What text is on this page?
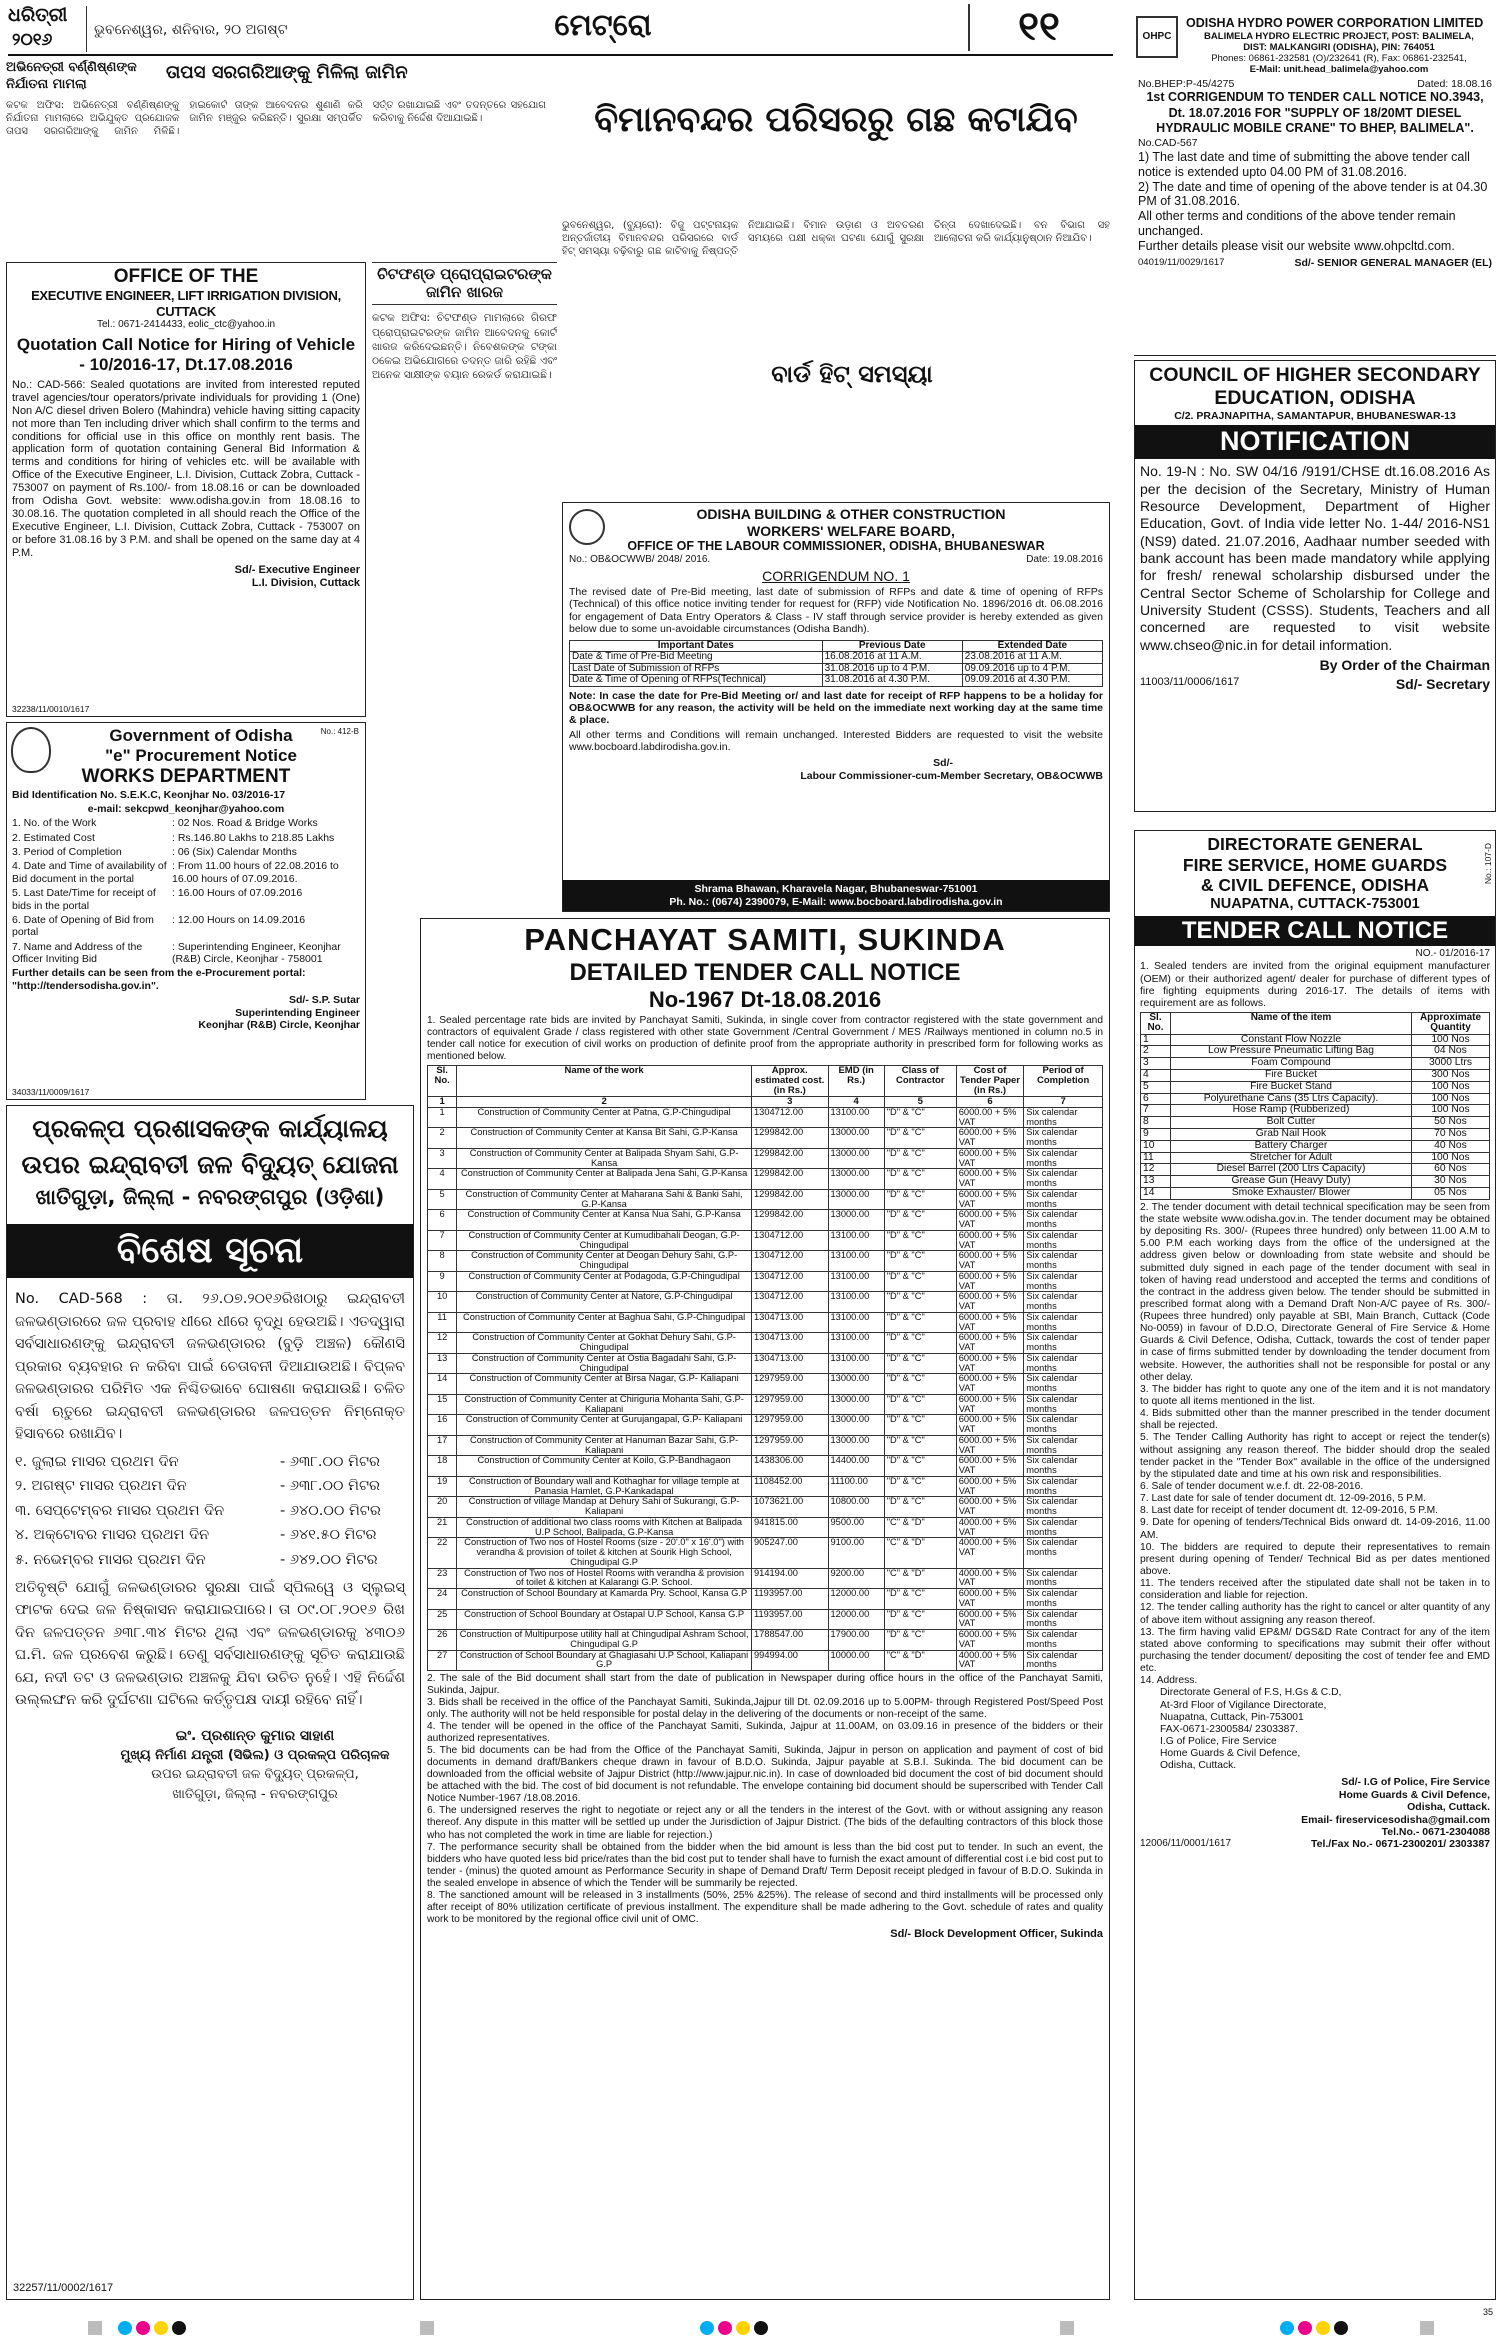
ଧରିତ୍ରୀ
୨୦୧୬	ଭୁବନେଶ୍ୱର, ଶନିବାର, ୨୦ ଅଗଷ୍ଟ	ମେଟ୍ରୋ	୧୧
ଅଭିନେତ୍ରୀ ବର୍ଣ୍ଣିଷ୍ଣଙ୍କ
ନିର୍ଯାତନା ମାମଲା
ତାପସ ସରଗରିଆଙ୍କୁ ମିଳିଲା ଜାମିନ
କଟକ ଅଫିସ: ଅଭିନେତ୍ରୀ ବର୍ଣ୍ଣିଷ୍ଣଙ୍କୁ ନିର୍ଯାତନା ମାମଲାରେ ଅଭିଯୁକ୍ତ ପ୍ରଯୋଜକ ତାପସ ସରଗରିଆଙ୍କୁ ଜାମିନ ମିଳିଛି। ହାଇକୋର୍ଟ ତାଙ୍କ ଆବେଦନର ଶୁଣାଣି କରି ଜାମିନ ମଞ୍ଜୁର କରିଛନ୍ତି। ସୁରକ୍ଷା ସମ୍ପର୍କିତ ସର୍ତ୍ତ ରଖାଯାଇଛି ଏବଂ ତଦନ୍ତରେ ସହଯୋଗ କରିବାକୁ ନିର୍ଦ୍ଦେଶ ଦିଆଯାଇଛି।
OFFICE OF THE
EXECUTIVE ENGINEER, LIFT IRRIGATION DIVISION, CUTTACK
Tel.: 0671-2414433, eolic_ctc@yahoo.in
Quotation Call Notice for Hiring of Vehicle - 10/2016-17, Dt.17.08.2016
No.: CAD-566: Sealed quotations are invited from interested reputed travel agencies/tour operators/private individuals for providing 1 (One) Non A/C diesel driven Bolero (Mahindra) vehicle having sitting capacity not more than Ten including driver which shall confirm to the terms and conditions for official use in this office on monthly rent basis. The application form of quotation containing General Bid Information & terms and conditions for hiring of vehicles etc. will be available with Office of the Executive Engineer, L.I. Division, Cuttack Zobra, Cuttack - 753007 on payment of Rs.100/- from 18.08.16 or can be downloaded from Odisha Govt. website: www.odisha.gov.in from 18.08.16 to 30.08.16. The quotation completed in all should reach the Office of the Executive Engineer, L.I. Division, Cuttack Zobra, Cuttack - 753007 on or before 31.08.16 by 3 P.M. and shall be opened on the same day at 4 P.M.
Sd/- Executive Engineer
L.I. Division, Cuttack
32238/11/0010/1617
Government of Odisha	No.: 412-B
"e" Procurement Notice
WORKS DEPARTMENT
Bid Identification No. S.E.K.C, Keonjhar No. 03/2016-17
e-mail: sekcpwd_keonjhar@yahoo.com
1. No. of the Work	: 02 Nos. Road & Bridge Works
2. Estimated Cost	: Rs.146.80 Lakhs to 218.85 Lakhs
3. Period of Completion	: 06 (Six) Calendar Months
4. Date and Time of availability of Bid document in the portal
: From 11.00 hours of 22.08.2016 to 16.00 hours of 07.09.2016.
5. Last Date/Time for receipt of bids in the portal
: 16.00 Hours of 07.09.2016
6. Date of Opening of Bid from portal
: 12.00 Hours on 14.09.2016
7. Name and Address of the Officer Inviting Bid
: Superintending Engineer, Keonjhar (R&B) Circle, Keonjhar - 758001
Further details can be seen from the e-Procurement portal: "http://tendersodisha.gov.in".
Sd/- S.P. Sutar
Superintending Engineer
Keonjhar (R&B) Circle, Keonjhar
34033/11/0009/1617
ପ୍ରକଳ୍ପ ପ୍ରଶାସକଙ୍କ କାର୍ଯ୍ୟାଳୟ
ଉପର ଇନ୍ଦ୍ରାବତୀ ଜଳ ବିଦ୍ୟୁତ୍ ଯୋଜନା
ଖାତିଗୁଡ଼ା, ଜିଲ୍ଲା - ନବରଙ୍ଗପୁର (ଓଡ଼ିଶା)
ବିଶେଷ ସୂଚନା
No. CAD-568 : ତା. ୨୬.୦୭.୨୦୧୬ରିଖଠାରୁ ଇନ୍ଦ୍ରାବତୀ ଜଳଭଣ୍ଡାରରେ ଜଳ ପ୍ରବାହ ଧୀରେ ଧୀରେ ବୃଦ୍ଧି ହେଉଅଛି। ଏତଦ୍ୱାରା ସର୍ବସାଧାରଣଙ୍କୁ ଇନ୍ଦ୍ରାବତୀ ଜଳଭଣ୍ଡାରର (ବୁଡ଼ି ଅଞ୍ଚଳ) କୌଣସି ପ୍ରକାର ବ୍ୟବହାର ନ କରିବା ପାଇଁ ଚେତାବନୀ ଦିଆଯାଉଅଛି। ବିପ୍ଳବ ଜଳଭଣ୍ଡାରର ପରିମିତ ଏକ ନିଶ୍ଚିତଭାବେ ଘୋଷଣା କରାଯାଉଛି। ଚଳିତ ବର୍ଷା ଋତୁରେ ଇନ୍ଦ୍ରାବତୀ ଜଳଭଣ୍ଡାରର ଜଳପତ୍ତନ ନିମ୍ନୋକ୍ତ ହିସାବରେ ରଖାଯିବ।
୧. ଜୁଲାଇ ମାସର ପ୍ରଥମ ଦିନ	- ୬୩୮.୦୦ ମିଟର
୨. ଅଗଷ୍ଟ ମାସର ପ୍ରଥମ ଦିନ	- ୬୩୮.୦୦ ମିଟର
୩. ସେପ୍ଟେମ୍ବର ମାସର ପ୍ରଥମ ଦିନ	- ୬୪୦.୦୦ ମିଟର
୪. ଅକ୍ଟୋବର ମାସର ପ୍ରଥମ ଦିନ	- ୬୪୧.୫୦ ମିଟର
୫. ନଭେମ୍ବର ମାସର ପ୍ରଥମ ଦିନ	- ୬୪୨.୦୦ ମିଟର
ଅତିବୃଷ୍ଟି ଯୋଗୁଁ ଜଳଭଣ୍ଡାରର ସୁରକ୍ଷା ପାଇଁ ସ୍ପିଲୱେ ଓ ସ୍ଲୁଇସ୍ ଫାଟକ ଦେଇ ଜଳ ନିଷ୍କାସନ କରାଯାଇପାରେ। ତା ୦୯.୦୮.୨୦୧୬ ରିଖ ଦିନ ଜଳପତ୍ତନ ୬୩୮.୩୪ ମିଟର ଥିଲା ଏବଂ ଜଳଭଣ୍ଡାରକୁ ୪୩୦୬ ଘ.ମି. ଜଳ ପ୍ରବେଶ କରୁଛି। ତେଣୁ ସର୍ବସାଧାରଣଙ୍କୁ ସୂଚିତ କରାଯାଉଛି ଯେ, ନଦୀ ତଟ ଓ ଜଳଭଣ୍ଡାର ଅଞ୍ଚଳକୁ ଯିବା ଉଚିତ ନୁହେଁ। ଏହି ନିର୍ଦ୍ଦେଶ ଉଲ୍ଲଙ୍ଘନ କରି ଦୁର୍ଘଟଣା ଘଟିଲେ କର୍ତ୍ତୃପକ୍ଷ ଦାୟୀ ରହିବେ ନାହିଁ।
ଇଂ. ପ୍ରଶାନ୍ତ କୁମାର ସାହାଣ
ମୁଖ୍ୟ ନିର୍ମାଣ ଯନ୍ତ୍ରୀ (ସିଭିଲ) ଓ ପ୍ରକଳ୍ପ ପରିଚାଳକ
ଉପର ଇନ୍ଦ୍ରାବତୀ ଜଳ ବିଦ୍ୟୁତ୍ ପ୍ରକଳ୍ପ,
ଖାତିଗୁଡ଼ା, ଜିଲ୍ଲା - ନବରଙ୍ଗପୁର
32257/11/0002/1617
ଚିଟଫଣ୍ଡ ପ୍ରୋପ୍ରାଇଟରଙ୍କ ଜାମିନ ଖାରଜ
କଟକ ଅଫିସ: ଚିଟଫଣ୍ଡ ମାମଲାରେ ଗିରଫ ପ୍ରୋପ୍ରାଇଟରଙ୍କ ଜାମିନ ଆବେଦନକୁ କୋର୍ଟ ଖାରଜ କରିଦେଇଛନ୍ତି। ନିବେଶକଙ୍କ ଟଙ୍କା ଠକେଇ ଅଭିଯୋଗରେ ତଦନ୍ତ ଜାରି ରହିଛି ଏବଂ ଅନେକ ସାକ୍ଷୀଙ୍କ ବୟାନ ରେକର୍ଡ କରାଯାଇଛି।
ବିମାନବନ୍ଦର ପରିସରରୁ ଗଛ କଟାଯିବ
ବାର୍ଡ ହିଟ୍ ସମସ୍ୟା
ଭୁବନେଶ୍ୱର, (ବ୍ୟୁରୋ): ବିଜୁ ପଟ୍ଟନାୟକ ଅନ୍ତର୍ଜାତୀୟ ବିମାନବନ୍ଦର ପରିସରରେ ବାର୍ଡ ହିଟ୍ ସମସ୍ୟା ବଢ଼ିବାରୁ ଗଛ କାଟିବାକୁ ନିଷ୍ପତ୍ତି ନିଆଯାଇଛି। ବିମାନ ଉଡ଼ାଣ ଓ ଅବତରଣ ସମୟରେ ପକ୍ଷୀ ଧକ୍କା ଘଟଣା ଯୋଗୁଁ ସୁରକ୍ଷା ଚିନ୍ତା ଦେଖାଦେଇଛି। ବନ ବିଭାଗ ସହ ଆଲୋଚନା କରି କାର୍ଯ୍ୟାନୁଷ୍ଠାନ ନିଆଯିବ।
ODISHA BUILDING & OTHER CONSTRUCTION
WORKERS' WELFARE BOARD,
OFFICE OF THE LABOUR COMMISSIONER, ODISHA, BHUBANESWAR
No.: OB&OCWWB/ 2048/ 2016.	Date: 19.08.2016
CORRIGENDUM NO. 1
The revised date of Pre-Bid meeting, last date of submission of RFPs and date & time of opening of RFPs (Technical) of this office notice inviting tender for request for (RFP) vide Notification No. 1896/2016 dt. 06.08.2016 for engagement of Data Entry Operators & Class - IV staff through service provider is hereby extended as given below due to some un-avoidable circumstances (Odisha Bandh).
Important Dates	Previous Date	Extended Date
Date & Time of Pre-Bid Meeting	16.08.2016 at 11 A.M.	23.08.2016 at 11 A.M.
Last Date of Submission of RFPs	31.08.2016 up to 4 P.M.	09.09.2016 up to 4 P.M.
Date & Time of Opening of RFPs(Technical)	31.08.2016 at 4.30 P.M.	09.09.2016 at 4.30 P.M.
Note: In case the date for Pre-Bid Meeting or/ and last date for receipt of RFP happens to be a holiday for OB&OCWWB for any reason, the activity will be held on the immediate next working day at the same time & place.
All other terms and Conditions will remain unchanged. Interested Bidders are requested to visit the website www.bocboard.labdirodisha.gov.in.
Sd/-
Labour Commissioner-cum-Member Secretary, OB&OCWWB
Shrama Bhawan, Kharavela Nagar, Bhubaneswar-751001
Ph. No.: (0674) 2390079, E-Mail: www.bocboard.labdirodisha.gov.in
PANCHAYAT SAMITI, SUKINDA
DETAILED TENDER CALL NOTICE
No-1967 Dt-18.08.2016
1. Sealed percentage rate bids are invited by Panchayat Samiti, Sukinda, in single cover from contractor registered with the state government and contractors of equivalent Grade / class registered with other state Government /Central Government / MES /Railways mentioned in column no.5 in tender call notice for execution of civil works on production of definite proof from the appropriate authority in prescribed form for following works as mentioned below.
Sl. No.	Name of the work	Approx. estimated cost. (in Rs.)	EMD (in Rs.)	Class of Contractor	Cost of Tender Paper (in Rs.)	Period of Completion
1	2	3	4	5	6	7
1	Construction of Community Center at Patna, G.P-Chingudipal	1304712.00	13100.00	"D" & "C"	6000.00 + 5% VAT	Six calendar months
2	Construction of Community Center at Kansa Bit Sahi, G.P-Kansa	1299842.00	13000.00	"D" & "C"	6000.00 + 5% VAT	Six calendar months
3	Construction of Community Center at Balipada Shyam Sahi, G.P-Kansa	1299842.00	13000.00	"D" & "C"	6000.00 + 5% VAT	Six calendar months
4	Construction of Community Center at Balipada Jena Sahi, G.P-Kansa	1299842.00	13000.00	"D" & "C"	6000.00 + 5% VAT	Six calendar months
5	Construction of Community Center at Maharana Sahi & Banki Sahi, G.P-Kansa	1299842.00	13000.00	"D" & "C"	6000.00 + 5% VAT	Six calendar months
6	Construction of Community Center at Kansa Nua Sahi, G.P-Kansa	1299842.00	13000.00	"D" & "C"	6000.00 + 5% VAT	Six calendar months
7	Construction of Community Center at Kumudibahali Deogan, G.P-Chingudipal	1304712.00	13100.00	"D" & "C"	6000.00 + 5% VAT	Six calendar months
8	Construction of Community Center at Deogan Dehury Sahi, G.P-Chingudipal	1304712.00	13100.00	"D" & "C"	6000.00 + 5% VAT	Six calendar months
9	Construction of Community Center at Podagoda, G.P-Chingudipal	1304712.00	13100.00	"D" & "C"	6000.00 + 5% VAT	Six calendar months
10	Construction of Community Center at Natore, G.P-Chingudipal	1304712.00	13100.00	"D" & "C"	6000.00 + 5% VAT	Six calendar months
11	Construction of Community Center at Baghua Sahi, G.P-Chingudipal	1304713.00	13100.00	"D" & "C"	6000.00 + 5% VAT	Six calendar months
12	Construction of Community Center at Gokhat Dehury Sahi, G.P-Chingudipal	1304713.00	13100.00	"D" & "C"	6000.00 + 5% VAT	Six calendar months
13	Construction of Community Center at Ostia Bagadahi Sahi, G.P-Chingudipal	1304713.00	13100.00	"D" & "C"	6000.00 + 5% VAT	Six calendar months
14	Construction of Community Center at Birsa Nagar, G.P- Kaliapani	1297959.00	13000.00	"D" & "C"	6000.00 + 5% VAT	Six calendar months
15	Construction of Community Center at Chiriguria Mohanta Sahi, G.P- Kaliapani	1297959.00	13000.00	"D" & "C"	6000.00 + 5% VAT	Six calendar months
16	Construction of Community Center at Gurujangapal, G.P- Kaliapani	1297959.00	13000.00	"D" & "C"	6000.00 + 5% VAT	Six calendar months
17	Construction of Community Center at Hanuman Bazar Sahi, G.P- Kaliapani	1297959.00	13000.00	"D" & "C"	6000.00 + 5% VAT	Six calendar months
18	Construction of Community Center at Koilo, G.P-Bandhagaon	1438306.00	14400.00	"D" & "C"	6000.00 + 5% VAT	Six calendar months
19	Construction of Boundary wall and Kothaghar for village temple at Panasia Hamlet, G.P-Kankadapal	1108452.00	11100.00	"D" & "C"	6000.00 + 5% VAT	Six calendar months
20	Construction of village Mandap at Dehury Sahi of Sukurangi, G.P- Kaliapani	1073621.00	10800.00	"D" & "C"	6000.00 + 5% VAT	Six calendar months
21	Construction of additional two class rooms with Kitchen at Balipada U.P School, Balipada, G.P-Kansa	941815.00	9500.00	"C" & "D"	4000.00 + 5% VAT	Six calendar months
22	Construction of Two nos of Hostel Rooms (size - 20'.0" x 16'.0") with verandha & provision of toilet & kitchen at Sourik High School, Chingudipal G.P	905247.00	9100.00	"C" & "D"	4000.00 + 5% VAT	Six calendar months
23	Construction of Two nos of Hostel Rooms with verandha & provision of toilet & kitchen at Kalarangi G.P. School.	914194.00	9200.00	"C" & "D"	4000.00 + 5% VAT	Six calendar months
24	Construction of School Boundary at Kamarda Pry. School, Kansa G.P	1193957.00	12000.00	"D" & "C"	6000.00 + 5% VAT	Six calendar months
25	Construction of School Boundary at Ostapal U.P School, Kansa G.P	1193957.00	12000.00	"D" & "C"	6000.00 + 5% VAT	Six calendar months
26	Construction of Multipurpose utility hall at Chingudipal Ashram School, Chingudipal G.P	1788547.00	17900.00	"D" & "C"	6000.00 + 5% VAT	Six calendar months
27	Construction of School Boundary at Ghagiasahi U.P School, Kaliapani G.P	994994.00	10000.00	"C" & "D"	4000.00 + 5% VAT	Six calendar months
2. The sale of the Bid document shall start from the date of publication in Newspaper during office hours in the office of the Panchayat Samiti, Sukinda, Jajpur.
3. Bids shall be received in the office of the Panchayat Samiti, Sukinda,Jajpur till Dt. 02.09.2016 up to 5.00PM- through Registered Post/Speed Post only. The authority will not be held responsible for postal delay in the delivering of the documents or non-receipt of the same.
4. The tender will be opened in the office of the Panchayat Samiti, Sukinda, Jajpur at 11.00AM, on 03.09.16 in presence of the bidders or their authorized representatives.
5. The bid documents can be had from the Office of the Panchayat Samiti, Sukinda, Jajpur in person on application and payment of cost of bid documents in demand draft/Bankers cheque drawn in favour of B.D.O. Sukinda, Jajpur payable at S.B.I. Sukinda. The bid document can be downloaded from the official website of Jajpur District (http://www.jajpur.nic.in). In case of downloaded bid document the cost of bid document should be attached with the bid. The cost of bid document is not refundable. The envelope containing bid document should be superscribed with Tender Call Notice Number-1967 /18.08.2016.
6. The undersigned reserves the right to negotiate or reject any or all the tenders in the interest of the Govt. with or without assigning any reason thereof. Any dispute in this matter will be settled up under the Jurisdiction of Jajpur District. (The bids of the defaulting contractors of this block those who has not completed the work in time are liable for rejection.)
7. The performance security shall be obtained from the bidder when the bid amount is less than the bid cost put to tender. In such an event, the bidders who have quoted less bid price/rates than the bid cost put to tender shall have to furnish the exact amount of differential cost i.e bid cost put to tender - (minus) the quoted amount as Performance Security in shape of Demand Draft/ Term Deposit receipt pledged in favour of B.D.O. Sukinda in the sealed envelope in absence of which the Tender will be summarily be rejected.
8. The sanctioned amount will be released in 3 installments (50%, 25% &25%). The release of second and third installments will be processed only after receipt of 80% utilization certificate of previous installment. The expenditure shall be made adhering to the Govt. schedule of rates and quality work to be monitored by the regional office civil unit of OMC.
Sd/- Block Development Officer, Sukinda
OHPC
ODISHA HYDRO POWER CORPORATION LIMITED
BALIMELA HYDRO ELECTRIC PROJECT, POST: BALIMELA,
DIST: MALKANGIRI (ODISHA), PIN: 764051
Phones: 06861-232581 (O)/232641 (R), Fax: 06861-232541,
E-Mail: unit.head_balimela@yahoo.com
No.BHEP:P-45/4275	Dated: 18.08.16
1st CORRIGENDUM TO TENDER CALL NOTICE NO.3943, Dt. 18.07.2016 FOR "SUPPLY OF 18/20MT DIESEL HYDRAULIC MOBILE CRANE" TO BHEP, BALIMELA".
No.CAD-567
1) The last date and time of submitting the above tender call notice is extended upto 04.00 PM of 31.08.2016.
2) The date and time of opening of the above tender is at 04.30 PM of 31.08.2016.
All other terms and conditions of the above tender remain unchanged.
Further details please visit our website www.ohpcltd.com.
04019/11/0029/1617	Sd/- SENIOR GENERAL MANAGER (EL)
COUNCIL OF HIGHER SECONDARY
EDUCATION, ODISHA
C/2. PRAJNAPITHA, SAMANTAPUR, BHUBANESWAR-13
NOTIFICATION
No. 19-N : No. SW 04/16 /9191/CHSE dt.16.08.2016 As per the decision of the Secretary, Ministry of Human Resource Development, Department of Higher Education, Govt. of India vide letter No. 1-44/ 2016-NS1 (NS9) dated. 21.07.2016, Aadhaar number seeded with bank account has been made mandatory while applying for fresh/ renewal scholarship disbursed under the Central Sector Scheme of Scholarship for College and University Student (CSSS). Students, Teachers and all concerned are requested to visit website www.chseo@nic.in for detail information.
By Order of the Chairman
11003/11/0006/1617	Sd/- Secretary
DIRECTORATE GENERAL
FIRE SERVICE, HOME GUARDS
& CIVIL DEFENCE, ODISHA
NUAPATNA, CUTTACK-753001
No.: 107-D
TENDER CALL NOTICE
NO.- 01/2016-17
1. Sealed tenders are invited from the original equipment manufacturer (OEM) or their authorized agent/ dealer for purchase of different types of fire fighting equipments during 2016-17. The details of items with requirement are as follows.
Sl. No.	Name of the item	Approximate Quantity
1	Constant Flow Nozzle	100 Nos
2	Low Pressure Pneumatic Lifting Bag	04 Nos
3	Foam Compound	3000 Ltrs
4	Fire Bucket	300 Nos
5	Fire Bucket Stand	100 Nos
6	Polyurethane Cans (35 Ltrs Capacity).	100 Nos
7	Hose Ramp (Rubberized)	100 Nos
8	Bolt Cutter	50 Nos
9	Grab Nail Hook	70 Nos
10	Battery Charger	40 Nos
11	Stretcher for Adult	100 Nos
12	Diesel Barrel (200 Ltrs Capacity)	60 Nos
13	Grease Gun (Heavy Duty)	30 Nos
14	Smoke Exhauster/ Blower	05 Nos
2. The tender document with detail technical specification may be seen from the state website www.odisha.gov.in. The tender document may be obtained by depositing Rs. 300/- (Rupees three hundred) only between 11.00 A.M to 5.00 P.M each working days from the office of the undersigned at the address given below or downloading from state website and should be submitted duly signed in each page of the tender document with seal in token of having read understood and accepted the terms and conditions of the contract in the address given below. The tender should be submitted in prescribed format along with a Demand Draft Non-A/C payee of Rs. 300/- (Rupees three hundred) only payable at SBI, Main Branch, Cuttack (Code No-0059) in favour of D.D.O, Directorate General of Fire Service & Home Guards & Civil Defence, Odisha, Cuttack, towards the cost of tender paper in case of firms submitted tender by downloading the tender document from website. However, the authorities shall not be responsible for postal or any other delay.
3. The bidder has right to quote any one of the item and it is not mandatory to quote all items mentioned in the list.
4. Bids submitted other than the manner prescribed in the tender document shall be rejected.
5. The Tender Calling Authority has right to accept or reject the tender(s) without assigning any reason thereof. The bidder should drop the sealed tender packet in the "Tender Box" available in the office of the undersigned by the stipulated date and time at his own risk and responsibilities.
6. Sale of tender document w.e.f. dt. 22-08-2016.
7. Last date for sale of tender document dt. 12-09-2016, 5 P.M.
8. Last date for receipt of tender document dt. 12-09-2016, 5 P.M.
9. Date for opening of tenders/Technical Bids onward dt. 14-09-2016, 11.00 AM.
10. The bidders are required to depute their representatives to remain present during opening of Tender/ Technical Bid as per dates mentioned above.
11. The tenders received after the stipulated date shall not be taken in to consideration and liable for rejection.
12. The tender calling authority has the right to cancel or alter quantity of any of above item without assigning any reason thereof.
13. The firm having valid EP&M/ DGS&D Rate Contract for any of the item stated above conforming to specifications may submit their offer without purchasing the tender document/ depositing the cost of tender fee and EMD etc.
14. Address.
Directorate General of F.S, H.Gs & C.D,
At-3rd Floor of Vigilance Directorate,
Nuapatna, Cuttack, Pin-753001
FAX-0671-2300584/ 2303387.
I.G of Police, Fire Service
Home Guards & Civil Defence,
Odisha, Cuttack.
Sd/- I.G of Police, Fire Service
Home Guards & Civil Defence,
Odisha, Cuttack.
Email- fireservicesodisha@gmail.com
Tel.No.- 0671-2304088
12006/11/0001/1617	Tel./Fax No.- 0671-2300201/ 2303387
35
